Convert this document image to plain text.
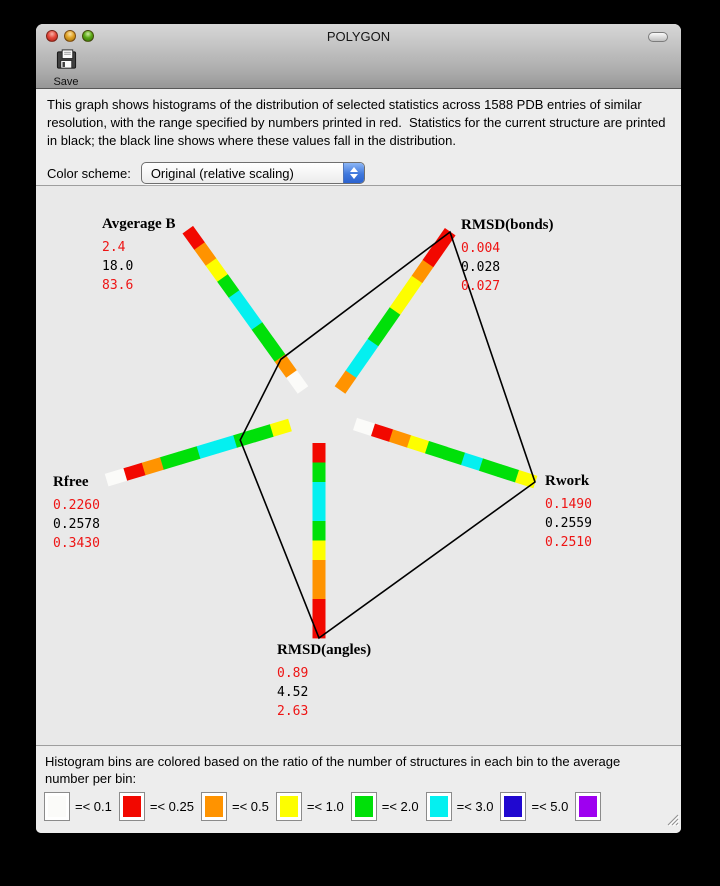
POLYGON
Save
This graph shows histograms of the distribution of selected statistics across 1588 PDB entries of similar resolution, with the range specified by numbers printed in red.  Statistics for the current structure are printed in black; the black line shows where these values fall in the distribution.
Color scheme:	Original (relative scaling)
Avgerage B
2.4
18.0
83.6
RMSD(bonds)
0.004
0.028
0.027
Rwork
0.1490
0.2559
0.2510
RMSD(angles)
0.89
4.52
2.63
Rfree
0.2260
0.2578
0.3430
Histogram bins are colored based on the ratio of the number of structures in each bin to the average number per bin:
=< 0.1	=< 0.25	=< 0.5	=< 1.0	=< 2.0	=< 3.0	=< 5.0
